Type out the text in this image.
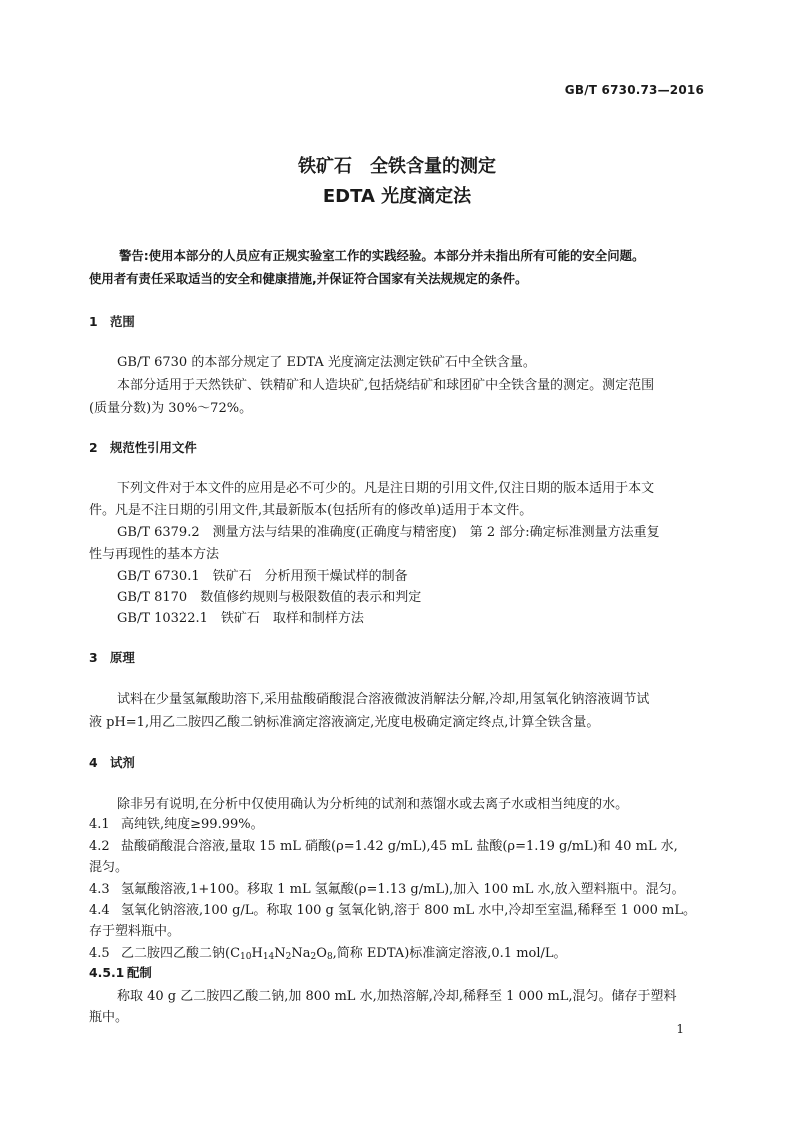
GB/T 6730.73—2016
铁矿石　全铁含量的测定
EDTA 光度滴定法
警告:使用本部分的人员应有正规实验室工作的实践经验。本部分并未指出所有可能的安全问题。
使用者有责任采取适当的安全和健康措施,并保证符合国家有关法规规定的条件。
1 范围
GB/T 6730 的本部分规定了 EDTA 光度滴定法测定铁矿石中全铁含量。
本部分适用于天然铁矿、铁精矿和人造块矿,包括烧结矿和球团矿中全铁含量的测定。测定范围
(质量分数)为 30%～72%。
2 规范性引用文件
下列文件对于本文件的应用是必不可少的。凡是注日期的引用文件,仅注日期的版本适用于本文
件。凡是不注日期的引用文件,其最新版本(包括所有的修改单)适用于本文件。
GB/T 6379.2　测量方法与结果的准确度(正确度与精密度)　第 2 部分:确定标准测量方法重复
性与再现性的基本方法
GB/T 6730.1　铁矿石　分析用预干燥试样的制备
GB/T 8170　数值修约规则与极限数值的表示和判定
GB/T 10322.1　铁矿石　取样和制样方法
3 原理
试料在少量氢氟酸助溶下,采用盐酸硝酸混合溶液微波消解法分解,冷却,用氢氧化钠溶液调节试
液 pH=1,用乙二胺四乙酸二钠标准滴定溶液滴定,光度电极确定滴定终点,计算全铁含量。
4 试剂
除非另有说明,在分析中仅使用确认为分析纯的试剂和蒸馏水或去离子水或相当纯度的水。
4.1 高纯铁,纯度≥99.99%。
4.2 盐酸硝酸混合溶液,量取 15 mL 硝酸(ρ=1.42 g/mL),45 mL 盐酸(ρ=1.19 g/mL)和 40 mL 水,
混匀。
4.3 氢氟酸溶液,1+100。移取 1 mL 氢氟酸(ρ=1.13 g/mL),加入 100 mL 水,放入塑料瓶中。混匀。
4.4 氢氧化钠溶液,100 g/L。称取 100 g 氢氧化钠,溶于 800 mL 水中,冷却至室温,稀释至 1 000 mL。
存于塑料瓶中。
4.5 乙二胺四乙酸二钠($C_{10}H_{14}N_2Na_2O_8$,简称 EDTA)标准滴定溶液,0.1 mol/L。
4.5.1 配制
称取 40 g 乙二胺四乙酸二钠,加 800 mL 水,加热溶解,冷却,稀释至 1 000 mL,混匀。储存于塑料
瓶中。
1
